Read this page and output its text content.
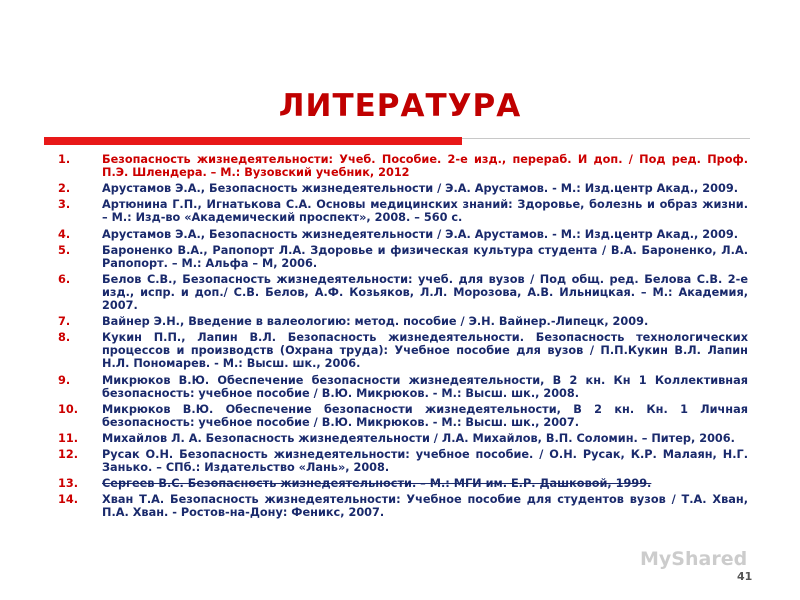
ЛИТЕРАТУРА
1.	Безопасность жизнедеятельности: Учеб. Пособие. 2-е изд., перераб. И доп. / Под ред. Проф. П.Э. Шлендера. – М.: Вузовский учебник, 2012
2.	Арустамов Э.А., Безопасность жизнедеятельности / Э.А. Арустамов. - М.: Изд.центр Акад., 2009.
3.	Артюнина Г.П., Игнатькова С.А. Основы медицинских знаний: Здоровье, болезнь и образ жизни. – М.: Изд-во «Академический проспект», 2008. – 560 с.
4.	Арустамов Э.А., Безопасность жизнедеятельности / Э.А. Арустамов. - М.: Изд.центр Акад., 2009.
5.	Бароненко В.А., Рапопорт Л.А. Здоровье и физическая культура студента / В.А. Бароненко, Л.А. Рапопорт. – М.: Альфа – М, 2006.
6.	Белов С.В., Безопасность жизнедеятельности: учеб. для вузов / Под общ. ред. Белова С.В. 2-е изд., испр. и доп./ С.В. Белов, А.Ф. Козьяков, Л.Л. Морозова, А.В. Ильницкая. – М.: Академия, 2007.
7.	Вайнер Э.Н., Введение в валеологию: метод. пособие / Э.Н. Вайнер.-Липецк, 2009.
8.	Кукин П.П., Лапин В.Л. Безопасность жизнедеятельности. Безопасность технологических процессов и производств (Охрана труда): Учебное пособие для вузов / П.П.Кукин В.Л. Лапин Н.Л. Пономарев. - М.: Высш. шк., 2006.
9.	Микрюков В.Ю. Обеспечение безопасности жизнедеятельности, В 2 кн. Кн 1 Коллективная безопасность: учебное пособие / В.Ю. Микрюков. - М.: Высш. шк., 2008.
10.	Микрюков В.Ю. Обеспечение безопасности жизнедеятельности, В 2 кн. Кн. 1 Личная безопасность: учебное пособие / В.Ю. Микрюков. - М.: Высш. шк., 2007.
11.	Михайлов Л. А. Безопасность жизнедеятельности / Л.А. Михайлов, В.П. Соломин. – Питер, 2006.
12.	Русак О.Н. Безопасность жизнедеятельности: учебное пособие. / О.Н. Русак, К.Р. Малаян, Н.Г. Занько. – СПб.: Издательство «Лань», 2008.
13.	Сергеев В.С. Безопасность жизнедеятельности. – М.: МГИ им. Е.Р. Дашковой, 1999.
14.	Хван Т.А. Безопасность жизнедеятельности: Учебное пособие для студентов вузов / Т.А. Хван, П.А. Хван. - Ростов-на-Дону: Феникс, 2007.
MyShared
41
